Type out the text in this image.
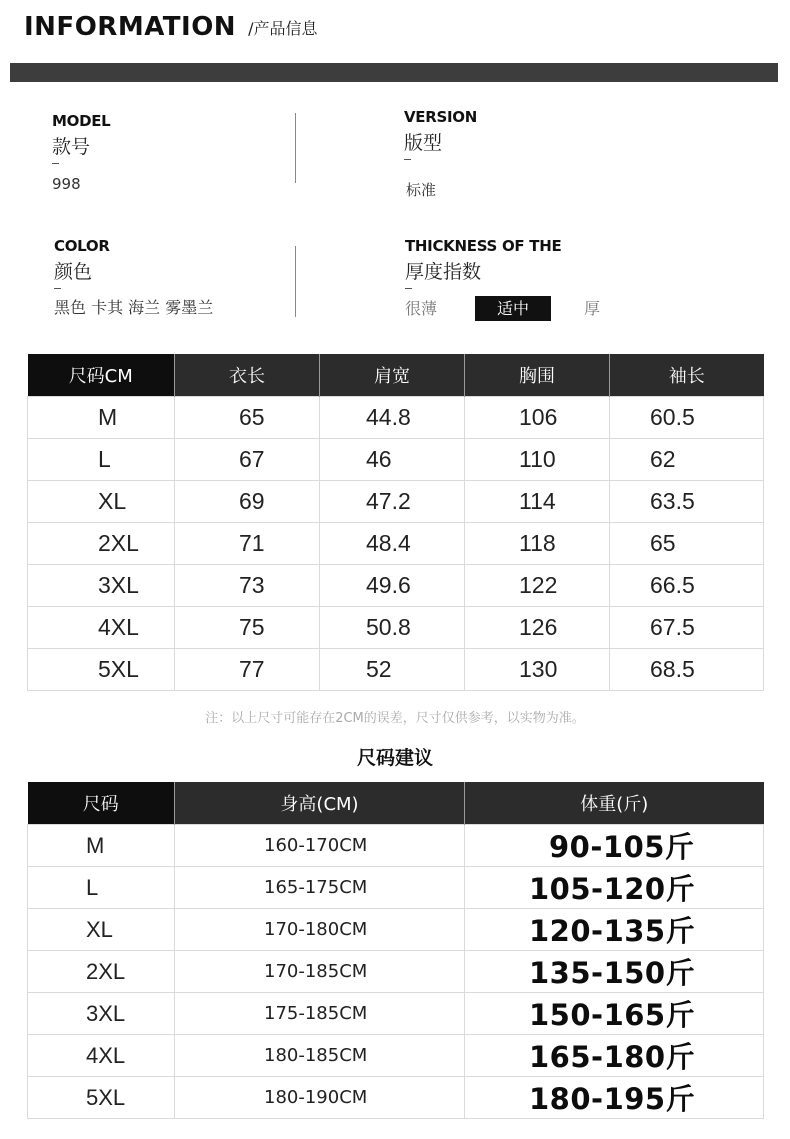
INFORMATION /产品信息
MODEL
款号
998
VERSION
版型
标准
COLOR
颜色
黑色 卡其 海兰 雾墨兰
THICKNESS OF THE
厚度指数
很薄	适中	厚
尺码CM	衣长	肩宽	胸围	袖长
M	65	44.8	106	60.5
L	67	46	110	62
XL	69	47.2	114	63.5
2XL	71	48.4	118	65
3XL	73	49.6	122	66.5
4XL	75	50.8	126	67.5
5XL	77	52	130	68.5
注：以上尺寸可能存在2CM的误差，尺寸仅供参考，以实物为准。
尺码建议
尺码	身高(CM)	体重(斤)
M	160-170CM	90-105斤
L	165-175CM	105-120斤
XL	170-180CM	120-135斤
2XL	170-185CM	135-150斤
3XL	175-185CM	150-165斤
4XL	180-185CM	165-180斤
5XL	180-190CM	180-195斤
